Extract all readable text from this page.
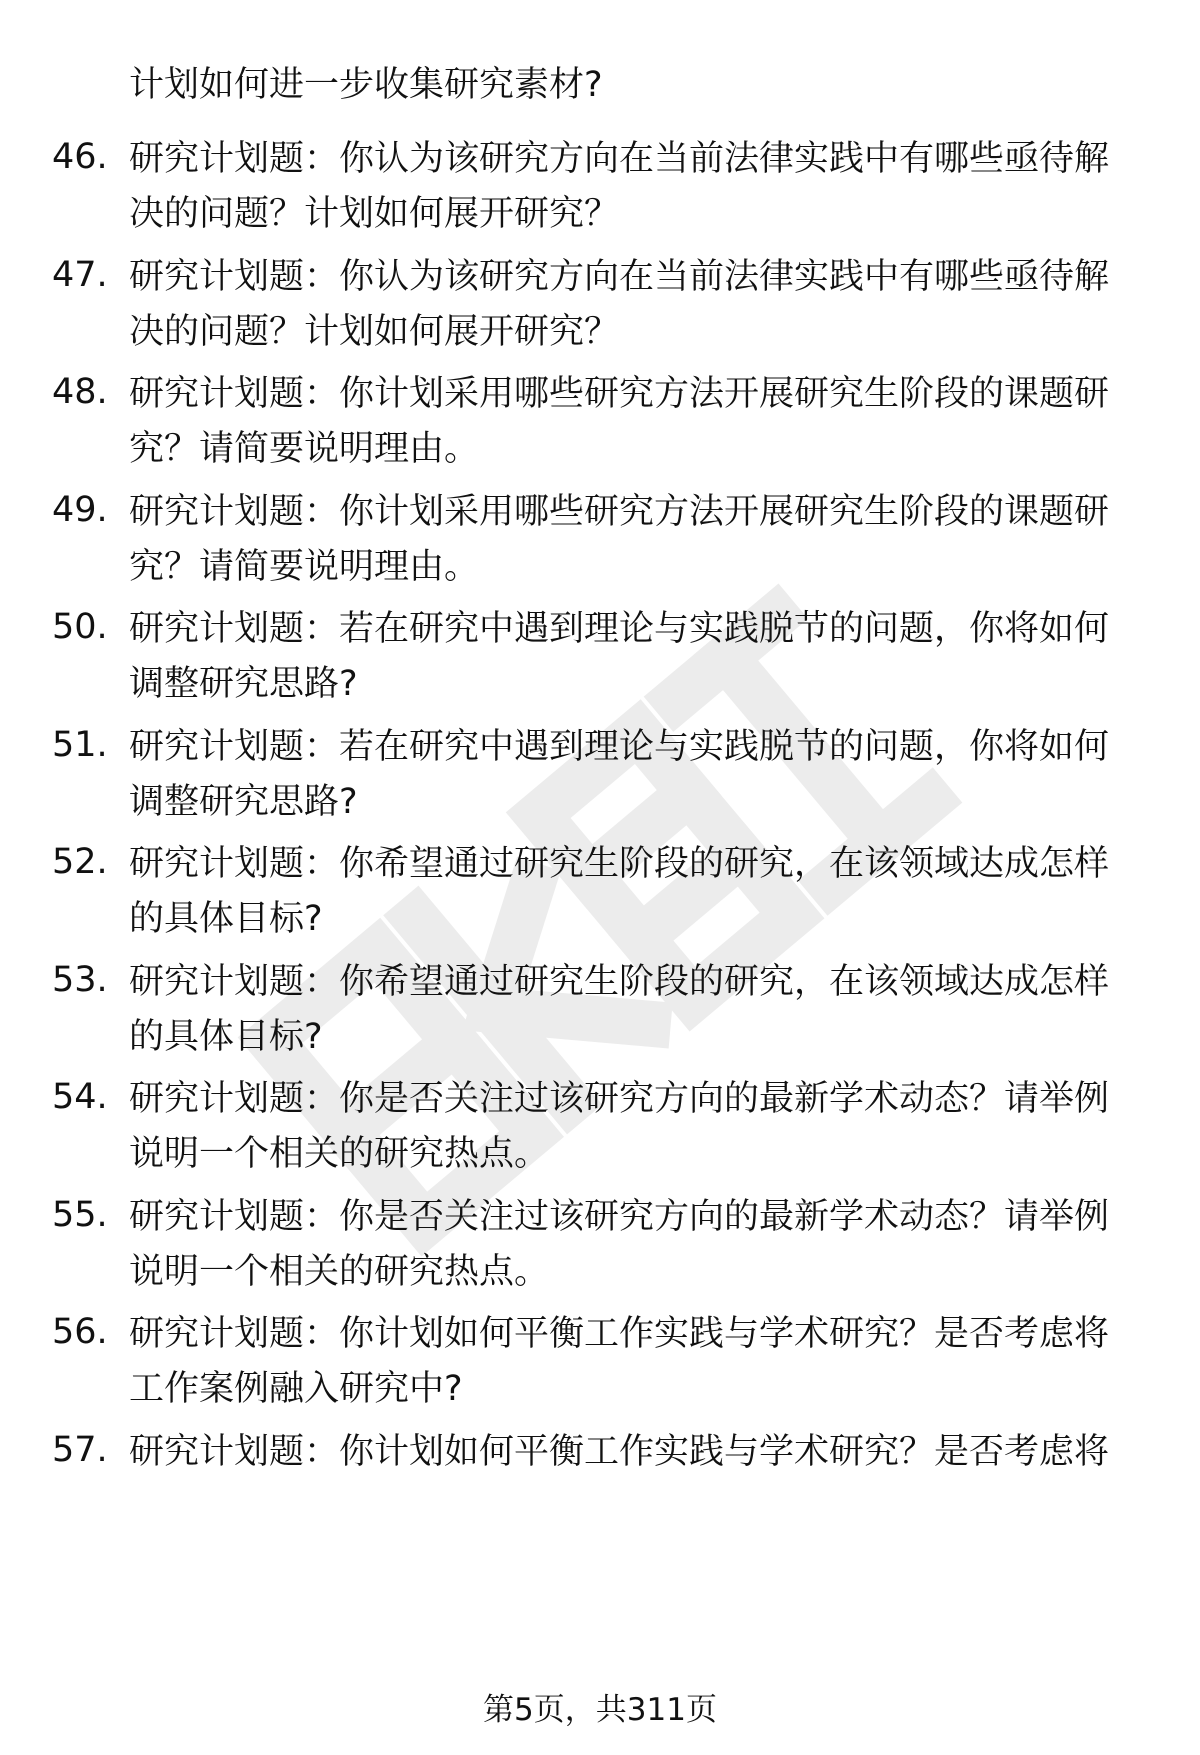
计划如何进一步收集研究素材?
46. 研究计划题：你认为该研究方向在当前法律实践中有哪些亟待解决的问题？计划如何展开研究？
47. 研究计划题：你认为该研究方向在当前法律实践中有哪些亟待解决的问题？计划如何展开研究？
48. 研究计划题：你计划采用哪些研究方法开展研究生阶段的课题研究？请简要说明理由。
49. 研究计划题：你计划采用哪些研究方法开展研究生阶段的课题研究？请简要说明理由。
50. 研究计划题：若在研究中遇到理论与实践脱节的问题，你将如何调整研究思路?
51. 研究计划题：若在研究中遇到理论与实践脱节的问题，你将如何调整研究思路?
52. 研究计划题：你希望通过研究生阶段的研究，在该领域达成怎样的具体目标?
53. 研究计划题：你希望通过研究生阶段的研究，在该领域达成怎样的具体目标?
54. 研究计划题：你是否关注过该研究方向的最新学术动态？请举例说明一个相关的研究热点。
55. 研究计划题：你是否关注过该研究方向的最新学术动态？请举例说明一个相关的研究热点。
56. 研究计划题：你计划如何平衡工作实践与学术研究？是否考虑将工作案例融入研究中?
57. 研究计划题：你计划如何平衡工作实践与学术研究？是否考虑将
第5页，共311页
